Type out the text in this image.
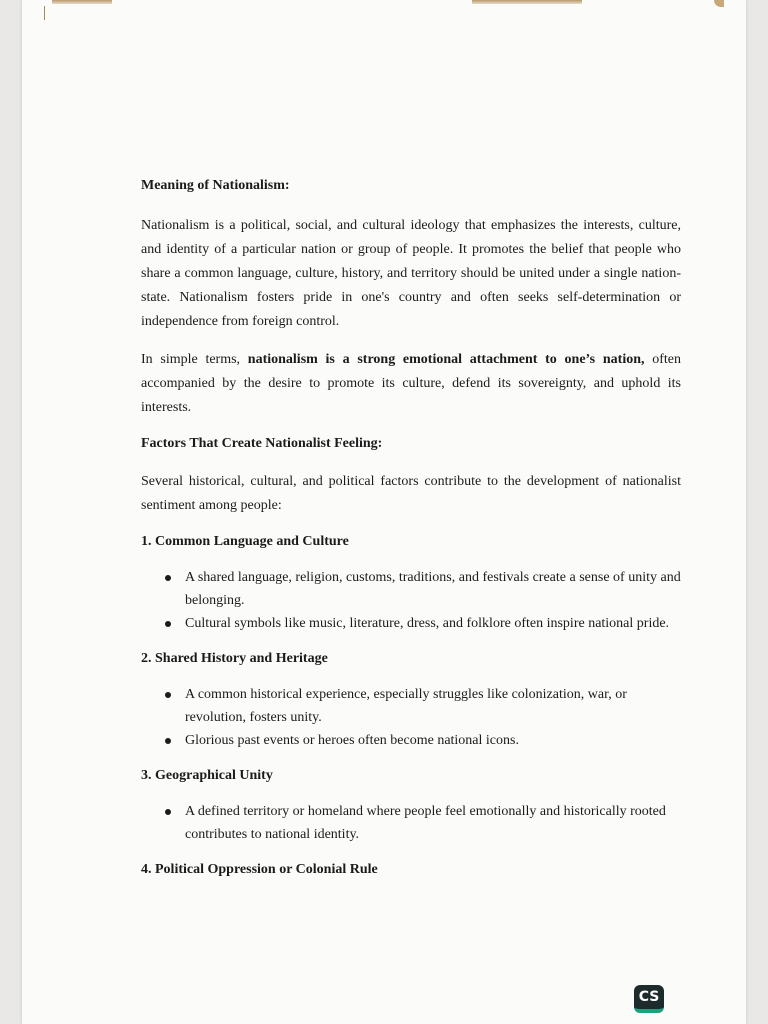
Meaning of Nationalism:

Nationalism is a political, social, and cultural ideology that emphasizes the interests, culture, and identity of a particular nation or group of people. It promotes the belief that people who share a common language, culture, history, and territory should be united under a single nation-state. Nationalism fosters pride in one's country and often seeks self-determination or independence from foreign control.

In simple terms, nationalism is a strong emotional attachment to one’s nation, often accompanied by the desire to promote its culture, defend its sovereignty, and uphold its interests.

Factors That Create Nationalist Feeling:

Several historical, cultural, and political factors contribute to the development of nationalist sentiment among people:

1. Common Language and Culture
A shared language, religion, customs, traditions, and festivals create a sense of unity and belonging.
Cultural symbols like music, literature, dress, and folklore often inspire national pride.
2. Shared History and Heritage
A common historical experience, especially struggles like colonization, war, or revolution, fosters unity.
Glorious past events or heroes often become national icons.
3. Geographical Unity
A defined territory or homeland where people feel emotionally and historically rooted contributes to national identity.
4. Political Oppression or Colonial Rule
CS
